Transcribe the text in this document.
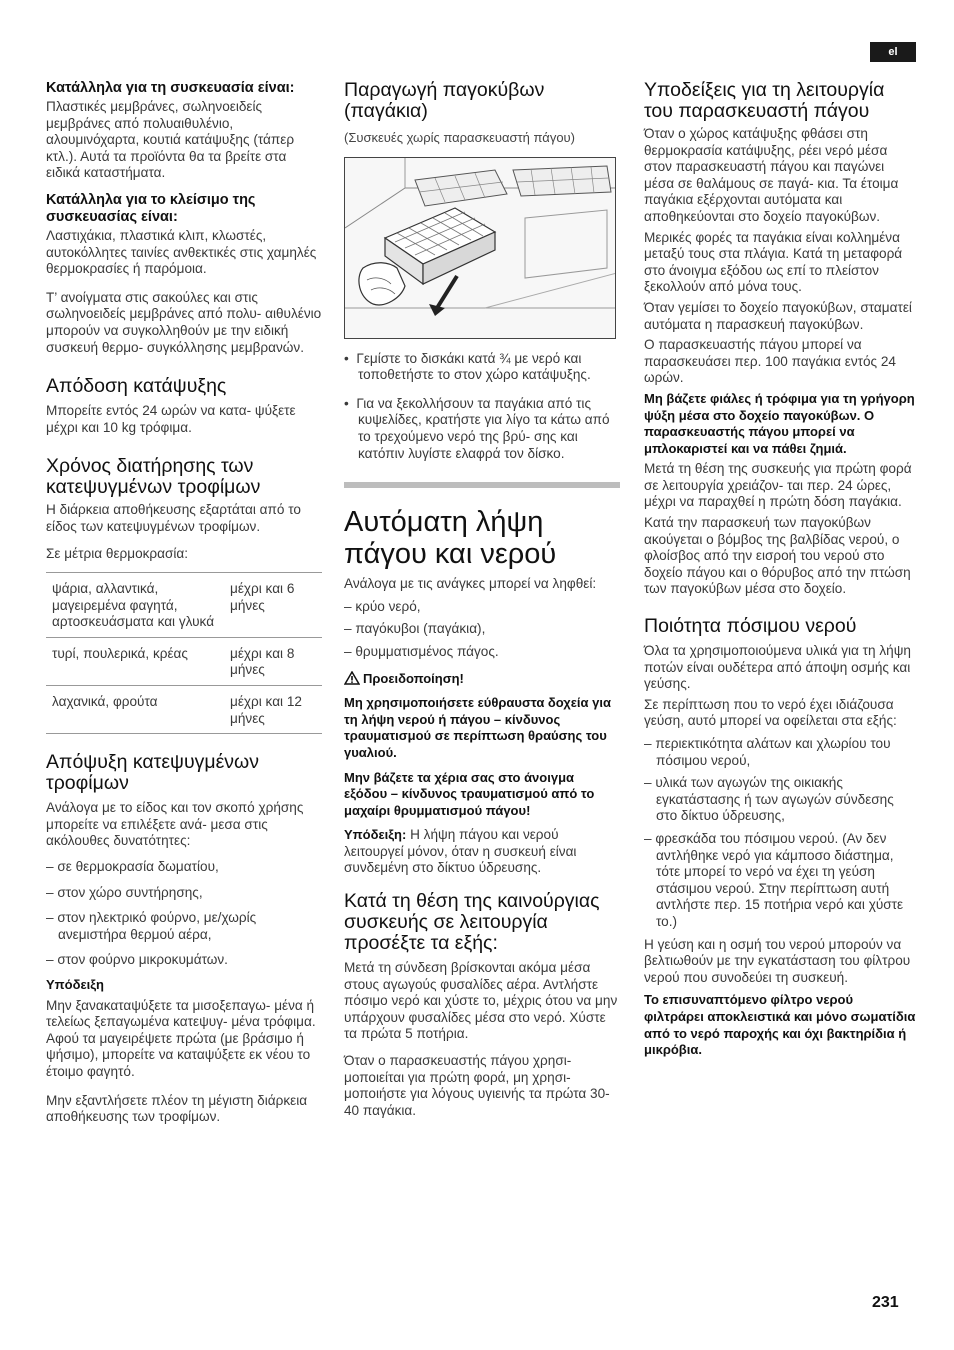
el
Κατάλληλα για τη συσκευασία είναι:

Πλαστικές μεμβράνες, σωληνοειδείς μεμβράνες από πολυαιθυλένιο, αλουμινόχαρτα, κουτιά κατάψυξης (τάπερ κτλ.). Αυτά τα προϊόντα θα τα βρείτε στα ειδικά καταστήματα.

Κατάλληλα για το κλείσιμο της συσκευασίας είναι:

Λαστιχάκια, πλαστικά κλιπ, κλωστές, αυτοκόλλητες ταινίες ανθεκτικές στις χαμηλές θερμοκρασίες ή παρόμοια.

Τ’ ανοίγματα στις σακούλες και στις σωληνοειδείς μεμβράνες από πολυ- αιθυλένιο μπορούν να συγκολληθούν με την ειδική συσκευή θερμο- συγκόλλησης μεμβρανών.

Απόδοση κατάψυξης

Μπορείτε εντός 24 ωρών να κατα- ψύξετε μέχρι και 10 kg τρόφιμα.

Χρόνος διατήρησης των κατεψυγμένων τροφίμων

Η διάρκεια αποθήκευσης εξαρτάται από το είδος των κατεψυγμένων τροφίμων.

Σε μέτρια θερμοκρασία:

ψάρια, αλλαντικά, μαγειρεμένα φαγητά, αρτοσκευάσματα και γλυκά	μέχρι και 6 μήνες
τυρί, πουλερικά, κρέας	μέχρι και 8 μήνες
λαχανικά, φρούτα	μέχρι και 12 μήνες
Απόψυξη κατεψυγμένων τροφίμων

Ανάλογα με το είδος και τον σκοπό χρήσης μπορείτε να επιλέξετε ανά- μεσα στις ακόλουθες δυνατότητες:

– σε θερμοκρασία δωματίου,

– στον χώρο συντήρησης,

– στον ηλεκτρικό φούρνο, με/χωρίς ανεμιστήρα θερμού αέρα,

– στον φούρνο μικροκυμάτων.

Υπόδειξη

Μην ξανακαταψύξετε τα μισοξεπαγω- μένα ή τελείως ξεπαγωμένα κατεψυγ- μένα τρόφιμα. Αφού τα μαγειρέψετε πρώτα (με βράσιμο ή ψήσιμο), μπορείτε να καταψύξετε εκ νέου το έτοιμο φαγητό.

Μην εξαντλήσετε πλέον τη μέγιστη διάρκεια αποθήκευσης των τροφίμων.

Παραγωγή παγοκύβων (παγάκια)

(Συσκευές χωρίς παρασκευαστή πάγου)

•  Γεμίστε το δισκάκι κατά ¾ με νερό και τοποθετήστε το στον χώρο κατάψυξης.

•  Για να ξεκολλήσουν τα παγάκια από τις κυψελίδες, κρατήστε για λίγο τα κάτω από το τρεχούμενο νερό της βρύ- σης και κατόπιν λυγίστε ελαφρά τον δίσκο.

Αυτόματη λήψη πάγου και νερού

Ανάλογα με τις ανάγκες μπορεί να ληφθεί:

– κρύο νερό,

– παγόκυβοι (παγάκια),

– θρυμματισμένος πάγος.

Προειδοποίηση!

Μη χρησιμοποιήσετε εύθραυστα δοχεία για τη λήψη νερού ή πάγου – κίνδυνος τραυματισμού σε περίπτωση θραύσης του γυαλιού.

Μην βάζετε τα χέρια σας στο άνοιγμα εξόδου – κίνδυνος τραυματισμού από το μαχαίρι θρυμματισμού πάγου!

Υπόδειξη: Η λήψη πάγου και νερού λειτουργεί μόνον, όταν η συσκευή είναι συνδεμένη στο δίκτυο ύδρευσης.

Κατά τη θέση της καινούργιας συσκευής σε λειτουργία προσέξτε τα εξής:

Μετά τη σύνδεση βρίσκονται ακόμα μέσα στους αγωγούς φυσαλίδες αέρα. Αντλήστε πόσιμο νερό και χύστε το, μέχρις ότου να μην υπάρχουν φυσαλίδες μέσα στο νερό. Χύστε τα πρώτα 5 ποτήρια.

Όταν ο παρασκευαστής πάγου χρησι- μοποιείται για πρώτη φορά, μη χρησι- μοποιήστε για λόγους υγιεινής τα πρώτα 30-40 παγάκια.

Υποδείξεις για τη λειτουργία του παρασκευαστή πάγου

Όταν ο χώρος κατάψυξης φθάσει στη θερμοκρασία κατάψυξης, ρέει νερό μέσα στον παρασκευαστή πάγου και παγώνει μέσα σε θαλάμους σε παγά- κια. Τα έτοιμα παγάκια εξέρχονται αυτόματα και αποθηκεύονται στο δοχείο παγοκύβων.

Μερικές φορές τα παγάκια είναι κολλημένα μεταξύ τους στα πλάγια. Κατά τη μεταφορά στο άνοιγμα εξόδου ως επί το πλείστον ξεκολλούν από μόνα τους.

Όταν γεμίσει το δοχείο παγοκύβων, σταματεί αυτόματα η παρασκευή παγοκύβων.

Ο παρασκευαστής πάγου μπορεί να παρασκευάσει περ. 100 παγάκια εντός 24 ωρών.

Μη βάζετε φιάλες ή τρόφιμα για τη γρήγορη ψύξη μέσα στο δοχείο παγοκύβων. Ο παρασκευαστής πάγου μπορεί να μπλοκαριστεί και να πάθει ζημιά.

Μετά τη θέση της συσκευής για πρώτη φορά σε λειτουργία χρειάζον- ται περ. 24 ώρες, μέχρι να παραχθεί η πρώτη δόση παγάκια.

Κατά την παρασκευή των παγοκύβων ακούγεται ο βόμβος της βαλβίδας νερού, ο φλοίσβος από την εισροή του νερού στο δοχείο πάγου και ο θόρυβος από την πτώση των παγοκύβων μέσα στο δοχείο.

Ποιότητα πόσιμου νερού

Όλα τα χρησιμοποιούμενα υλικά για τη λήψη ποτών είναι ουδέτερα από άποψη οσμής και γεύσης.

Σε περίπτωση που το νερό έχει ιδιάζουσα γεύση, αυτό μπορεί να οφείλεται στα εξής:

– περιεκτικότητα αλάτων και χλωρίου του πόσιμου νερού,

– υλικά των αγωγών της οικιακής εγκατάστασης ή των αγωγών σύνδεσης στο δίκτυο ύδρευσης,

– φρεσκάδα του πόσιμου νερού. (Αν δεν αντλήθηκε νερό για κάμποσο διάστημα, τότε μπορεί το νερό να έχει τη γεύση στάσιμου νερού. Στην περίπτωση αυτή αντλήστε περ. 15 ποτήρια νερό και χύστε το.)

Η γεύση και η οσμή του νερού μπορούν να βελτιωθούν με την εγκατάσταση του φίλτρου νερού που συνοδεύει τη συσκευή.

Το επισυναπτόμενο φίλτρο νερού φιλτράρει αποκλειστικά και μόνο σωματίδια από το νερό παροχής και όχι βακτηρίδια ή μικρόβια.

231
